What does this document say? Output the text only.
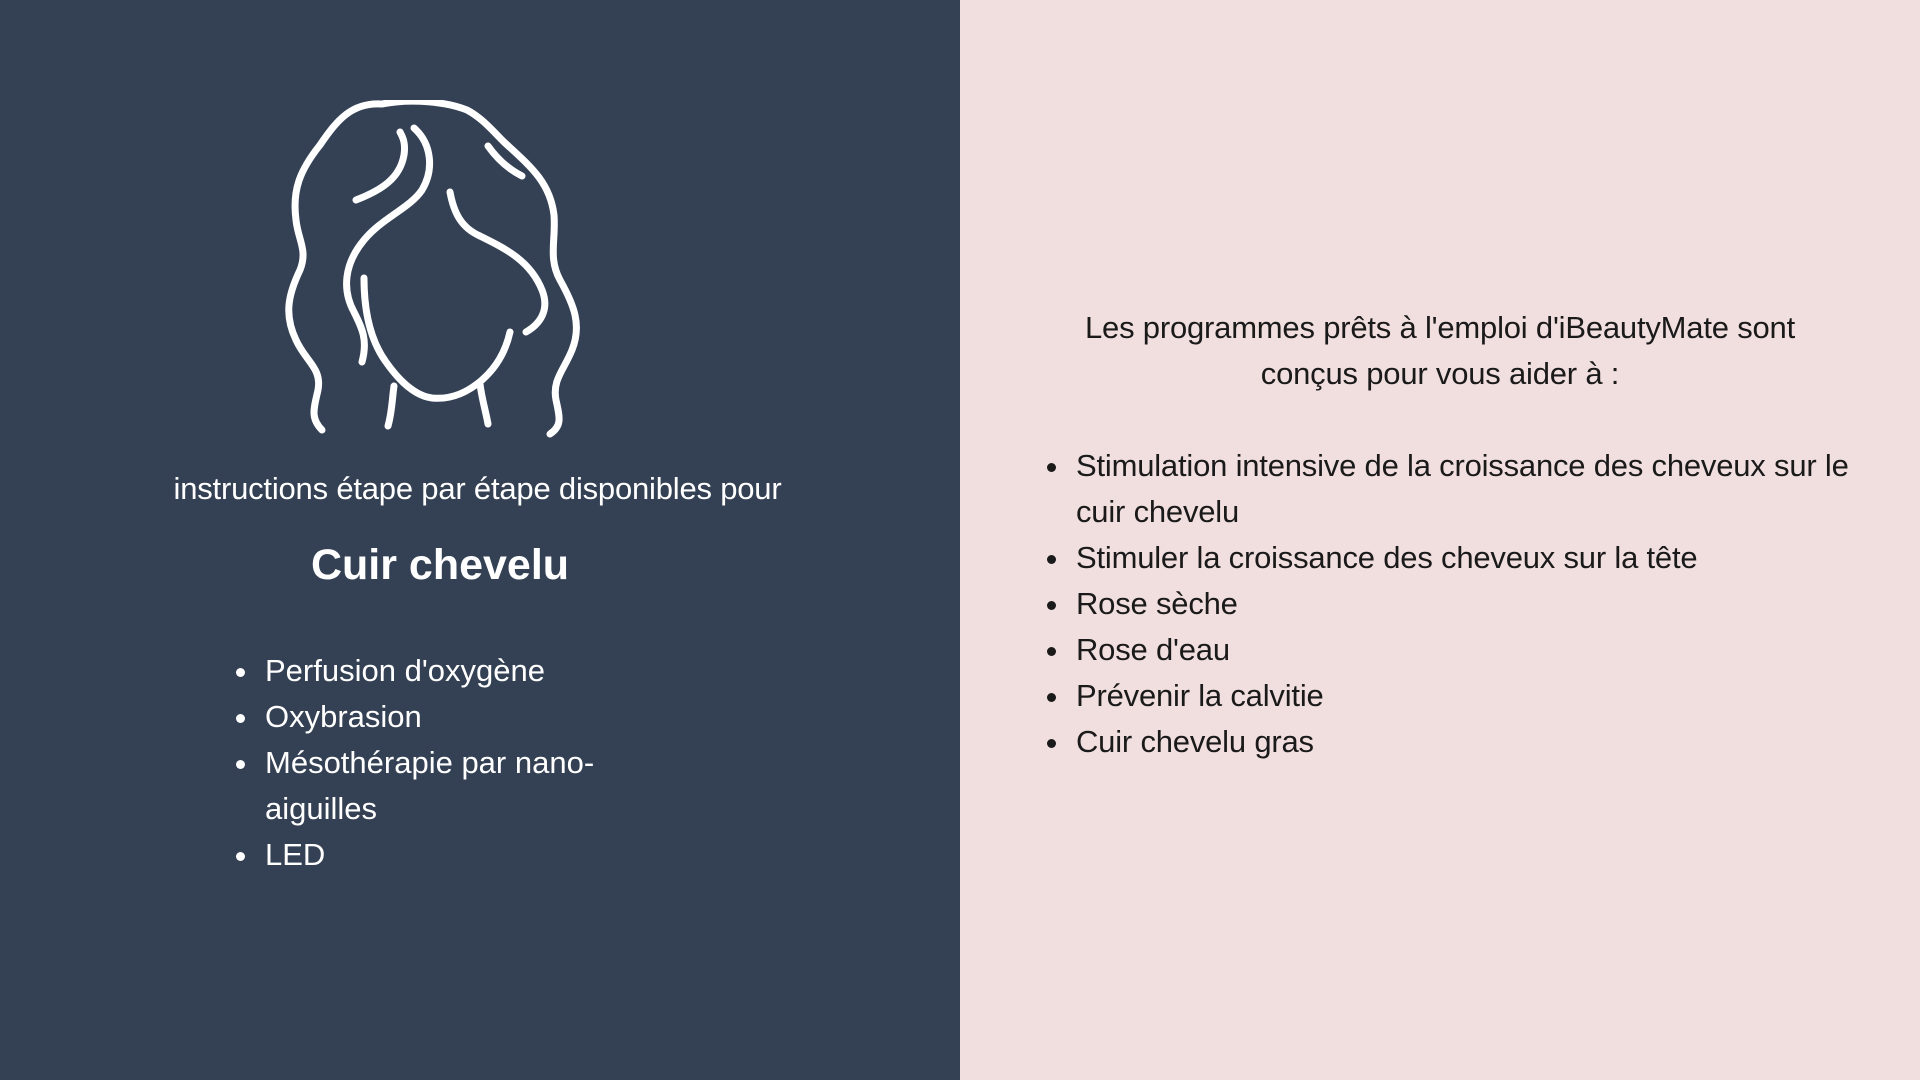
instructions étape par étape disponibles pour
Cuir chevelu
• Perfusion d'oxygène
• Oxybrasion
• Mésothérapie par nano-aiguilles
• LED
Les programmes prêts à l'emploi d'iBeautyMate sont
conçus pour vous aider à :
• Stimulation intensive de la croissance des cheveux sur le cuir chevelu
• Stimuler la croissance des cheveux sur la tête
• Rose sèche
• Rose d'eau
• Prévenir la calvitie
• Cuir chevelu gras
